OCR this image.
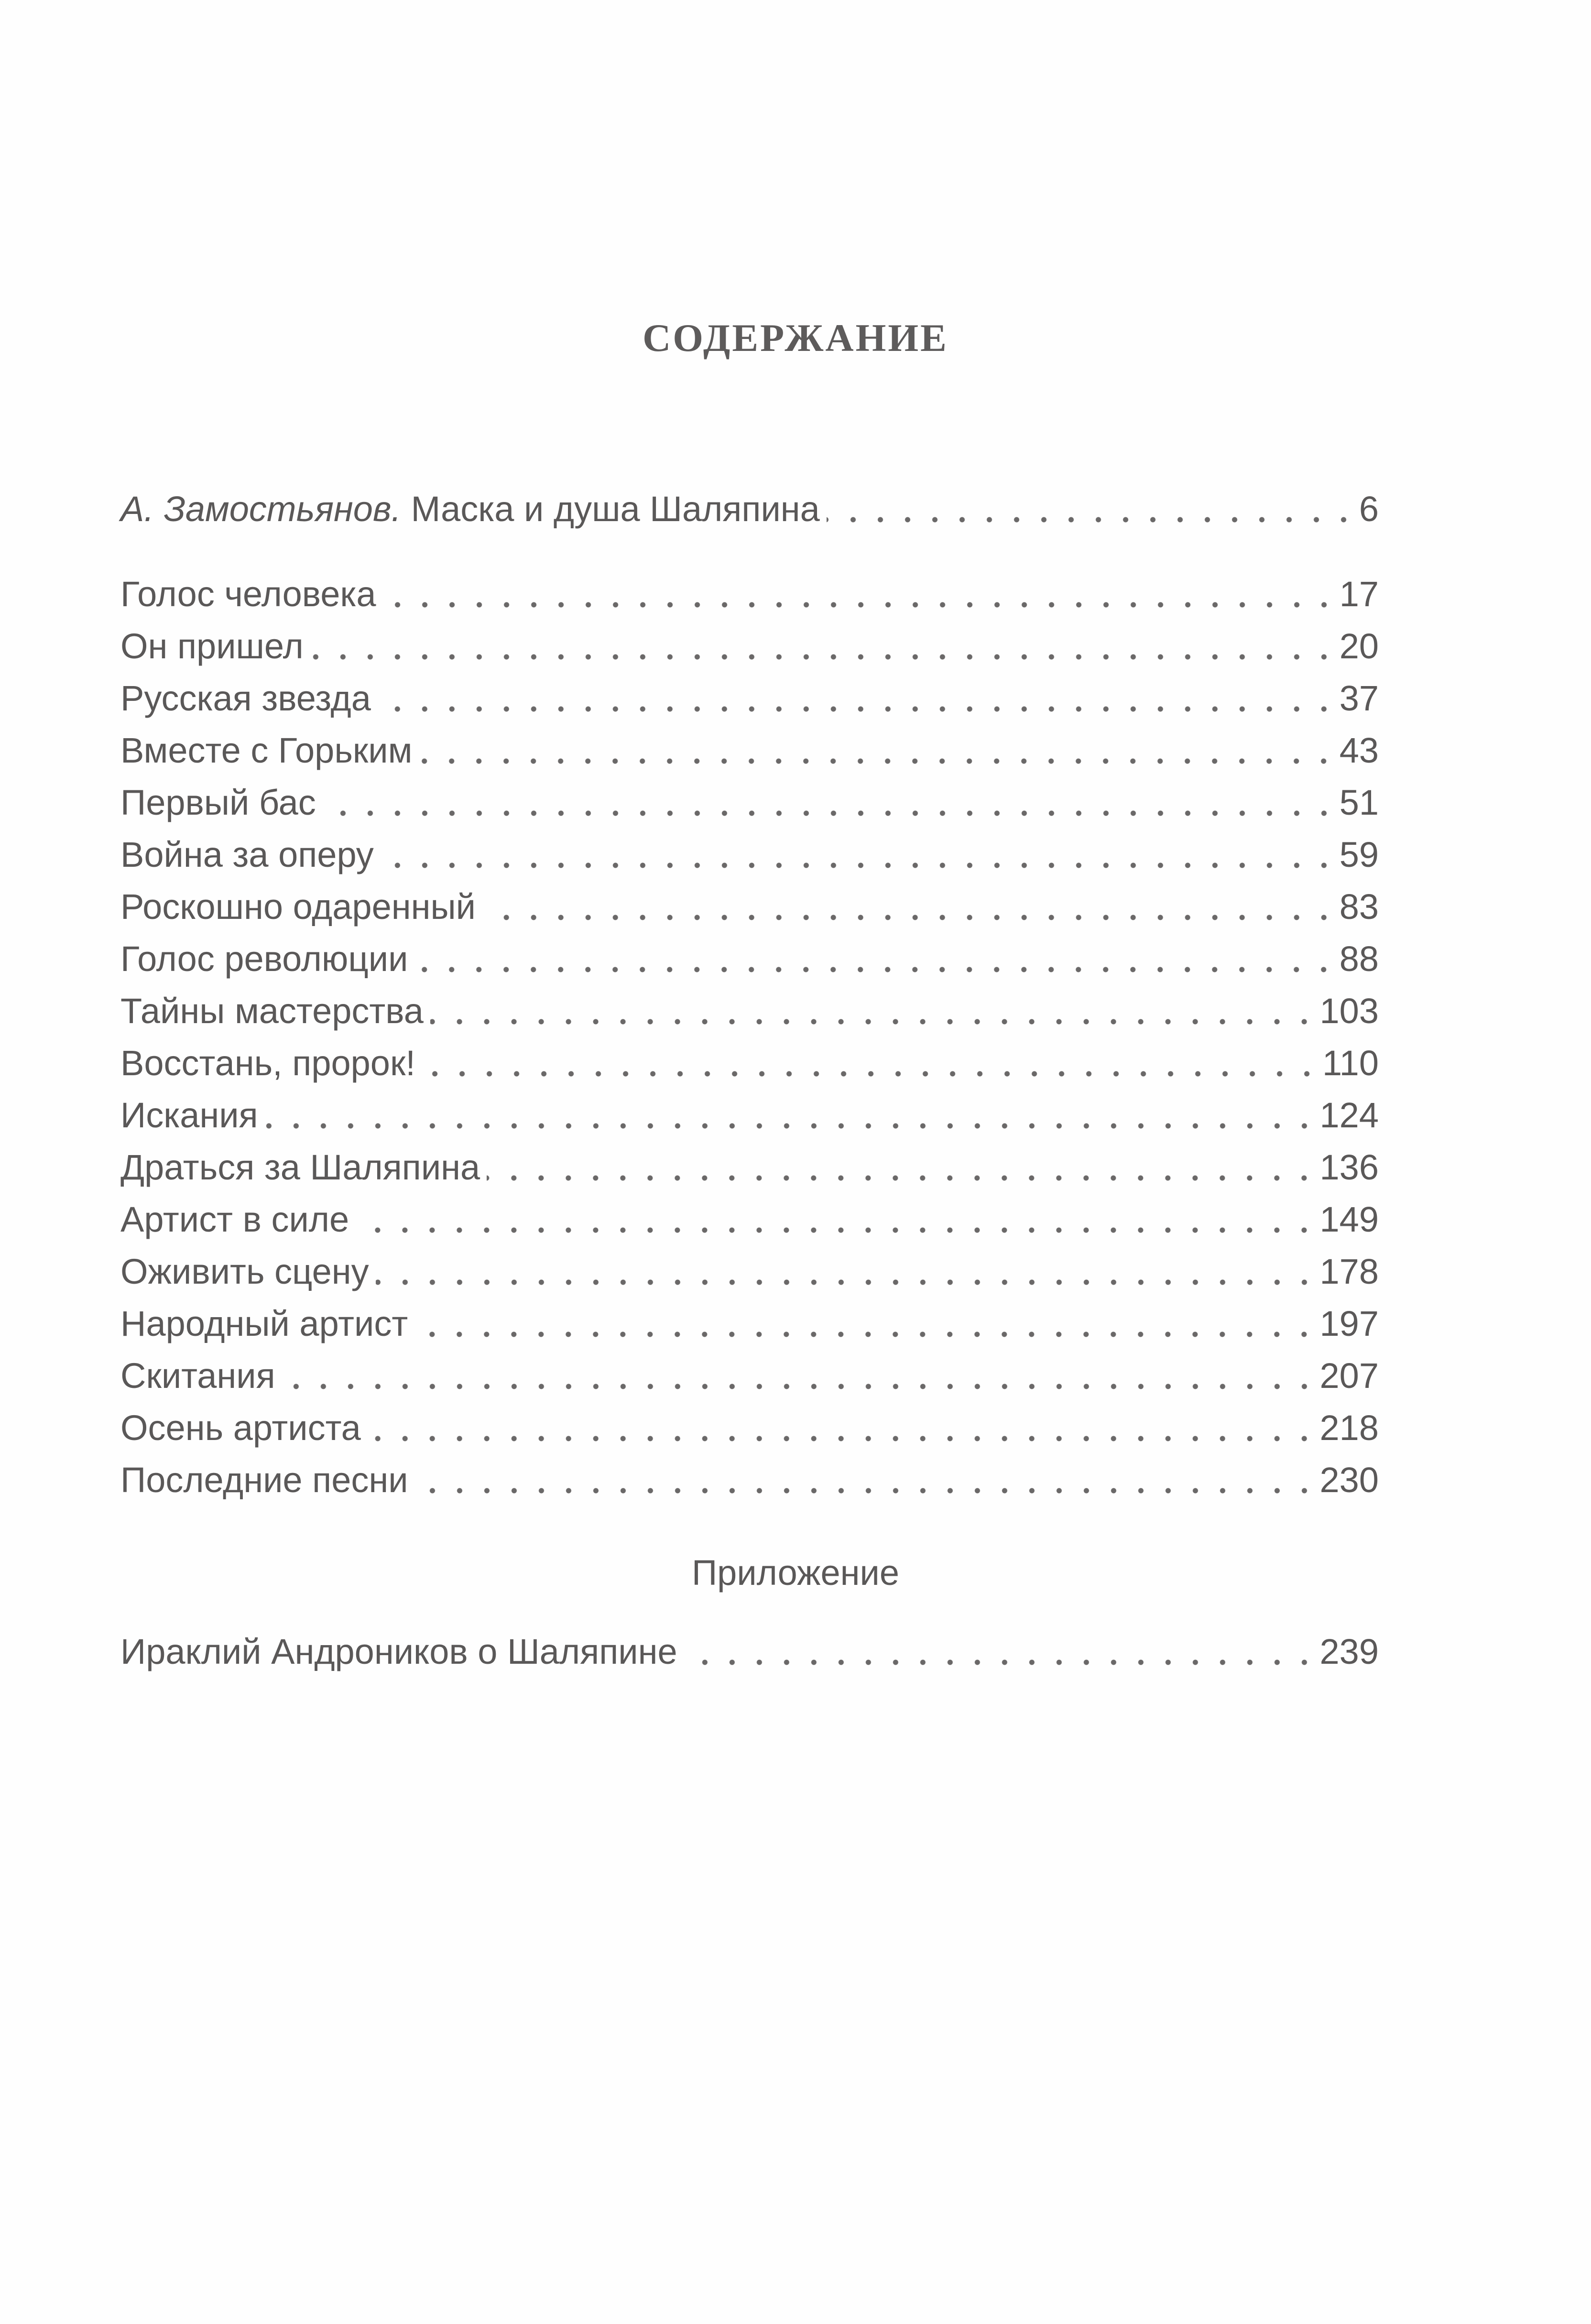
СОДЕРЖАНИЕ
А. Замостьянов. Маска и душа Шаляпина	6
Голос человека	17
Он пришел	20
Русская звезда	37
Вместе с Горьким	43
Первый бас	51
Война за оперу	59
Роскошно одаренный	83
Голос революции	88
Тайны мастерства	103
Восстань, пророк!	110
Искания	124
Драться за Шаляпина	136
Артист в силе	149
Оживить сцену	178
Народный артист	197
Скитания	207
Осень артиста	218
Последние песни	230
Ираклий Андроников о Шаляпине	239
Приложение
